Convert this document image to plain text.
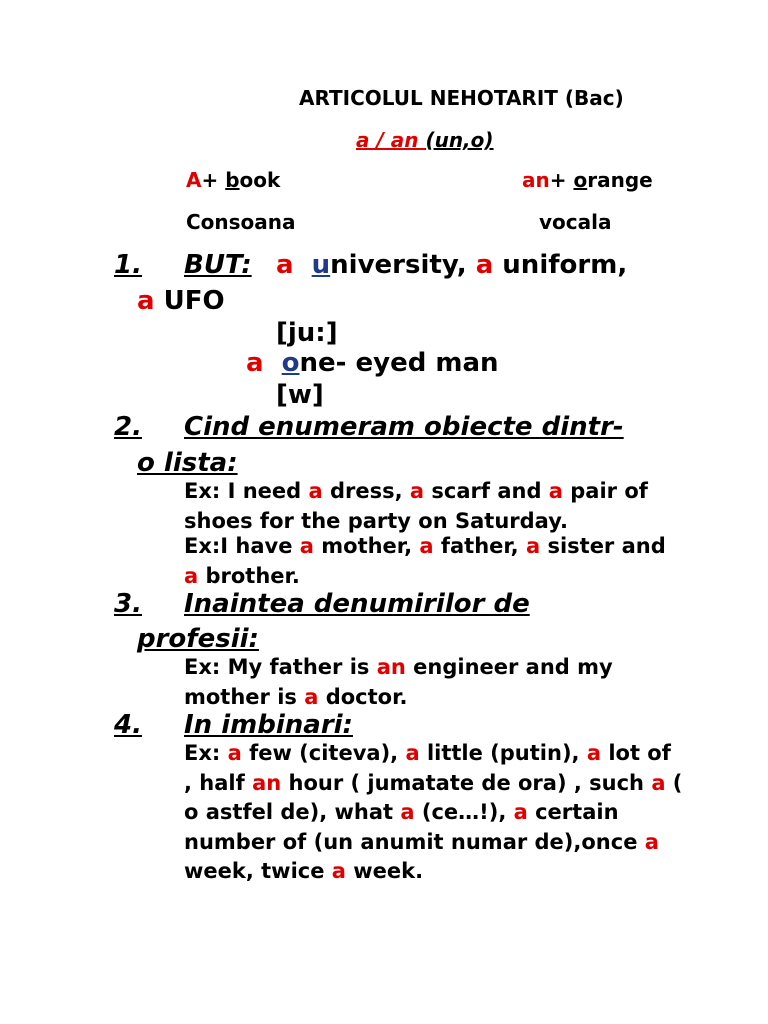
ARTICOLUL NEHOTARIT (Bac)
a / an (un,o)
A+ book	an+ orange
Consoana	vocala
1. BUT: a university, a uniform,
a UFO
[ju:]
a one- eyed man
[w]
2. Cind enumeram obiecte dintr-
o lista:
Ex: I need a dress, a scarf and a pair of shoes for the party on Saturday.
Ex:I have a mother, a father, a sister and a brother.
3. Inaintea denumirilor de
profesii:
Ex: My father is an engineer and my mother is a doctor.
4. In imbinari:
Ex: a few (citeva), a little (putin), a lot of , half an hour ( jumatate de ora) , such a ( o astfel de), what a (ce…!), a certain number of (un anumit numar de),once a week, twice a week.
